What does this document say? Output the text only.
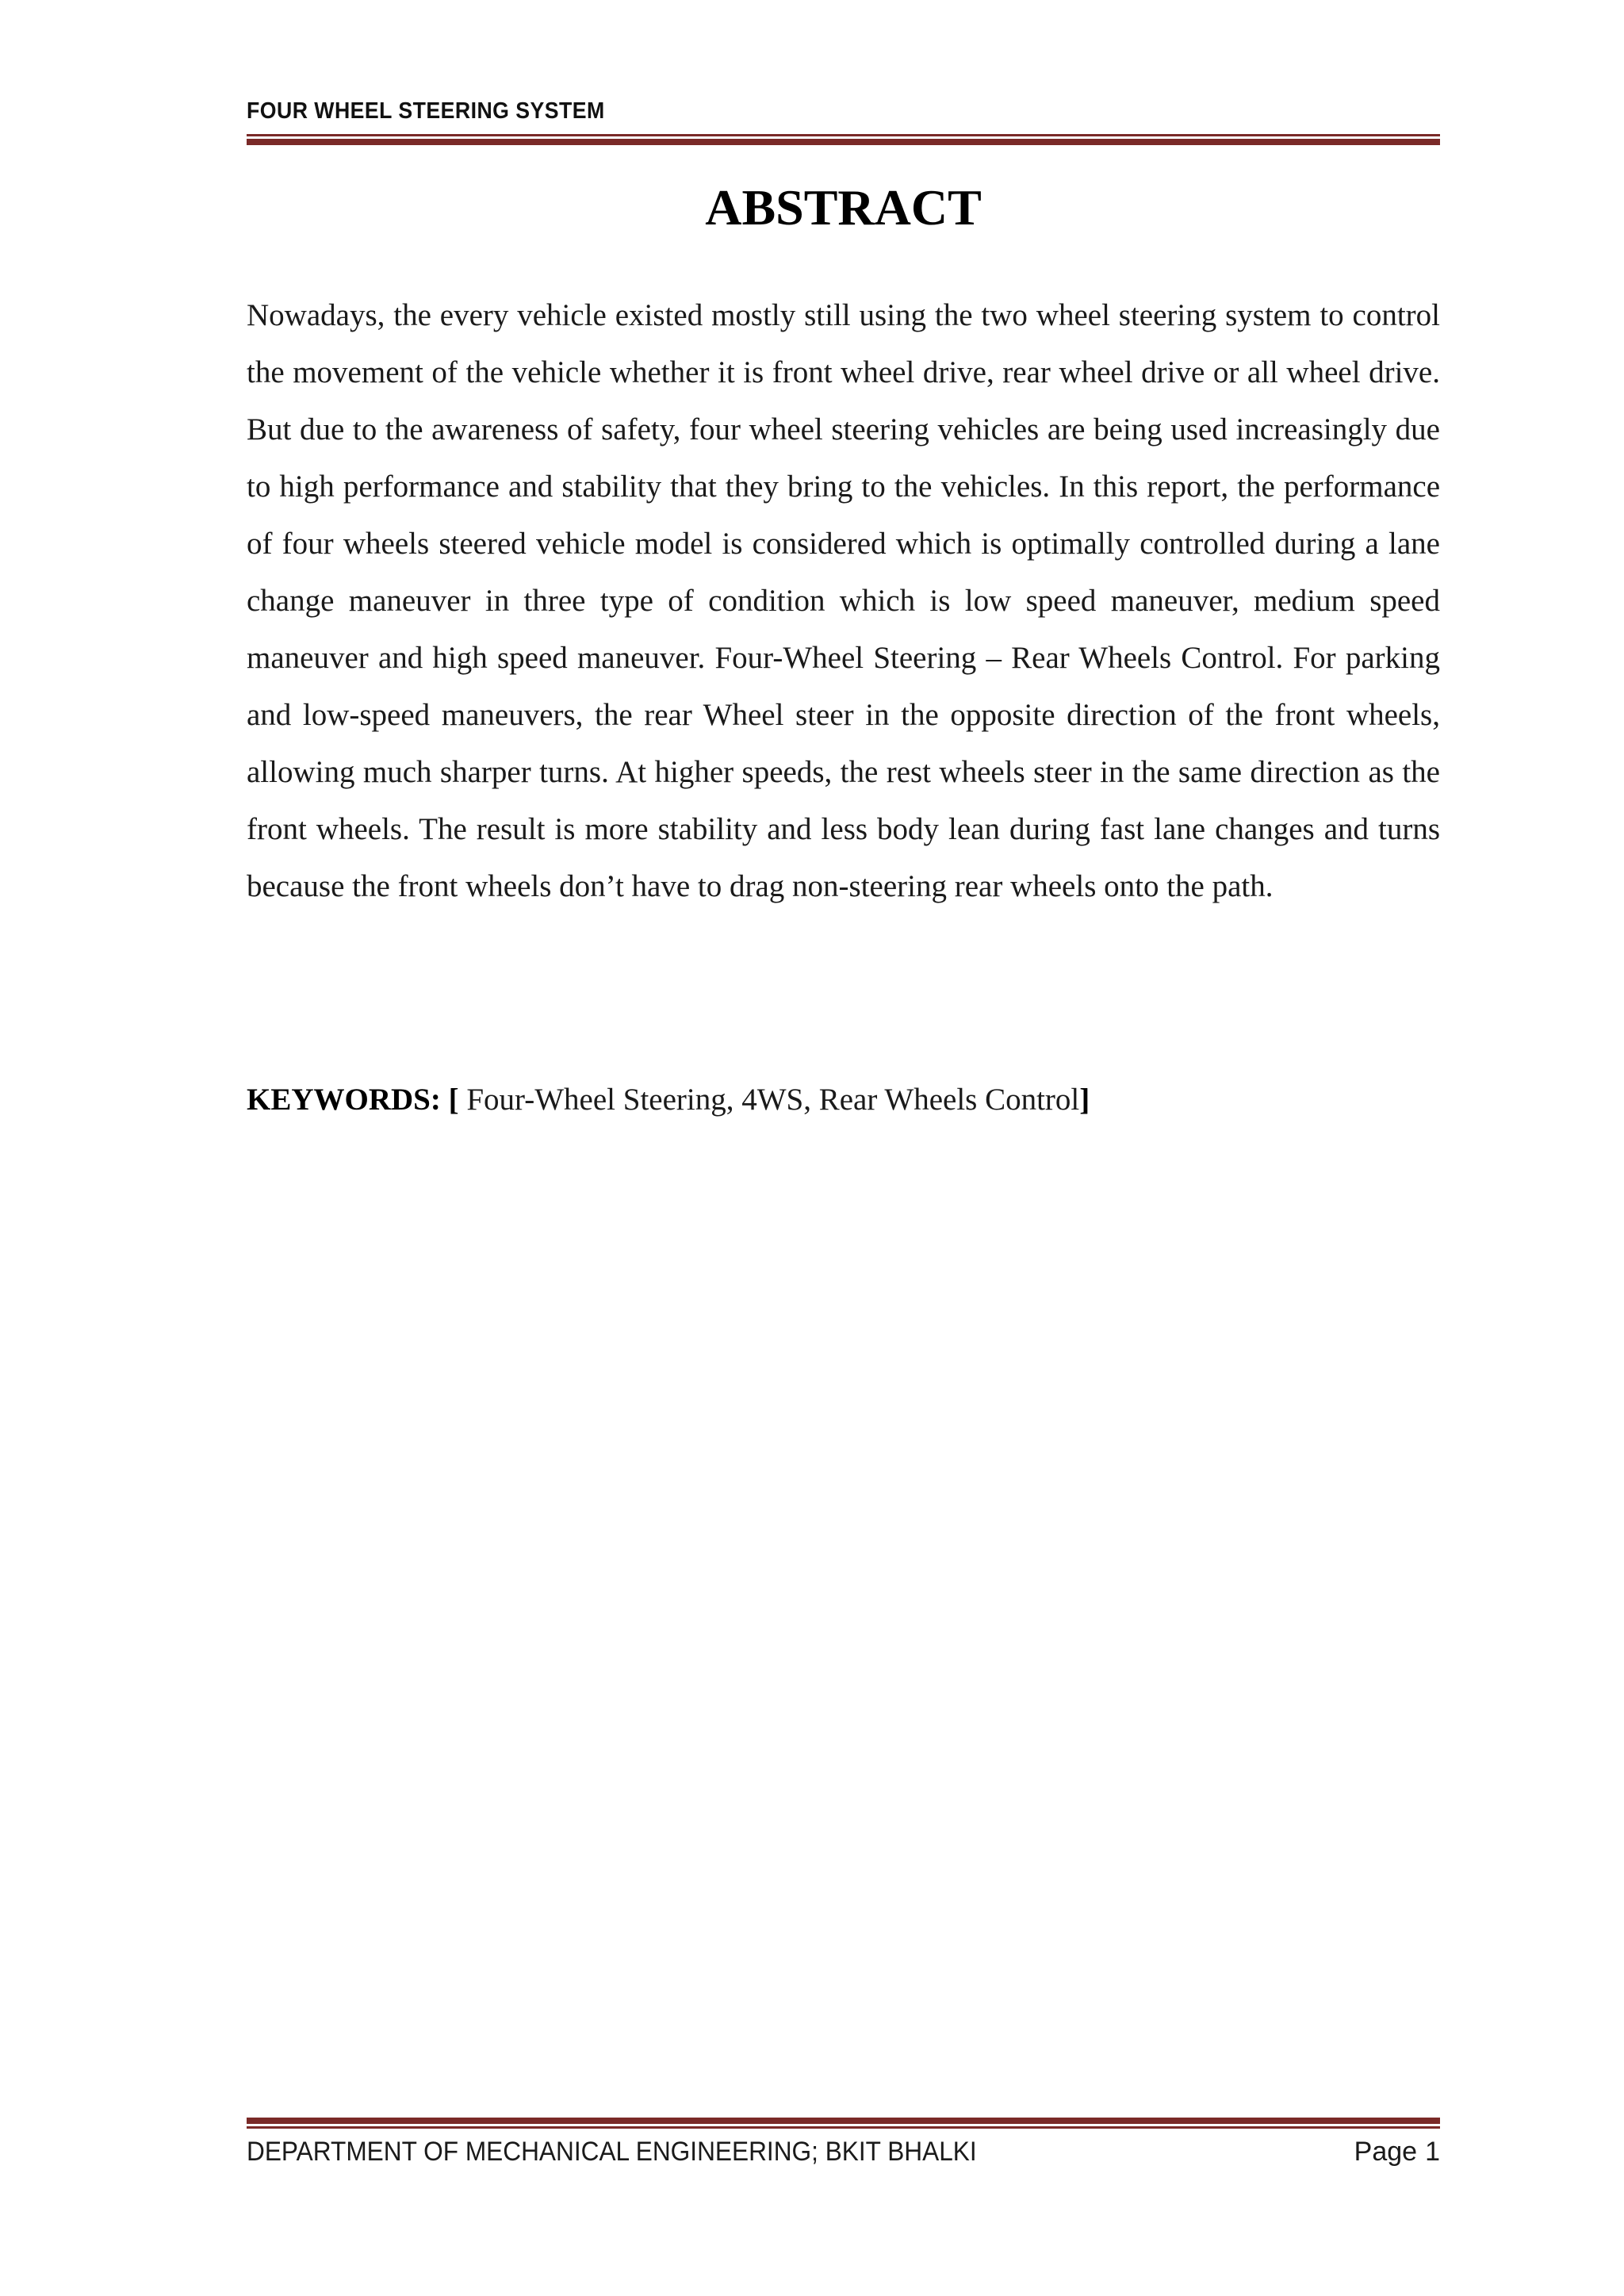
FOUR WHEEL STEERING SYSTEM
ABSTRACT

Nowadays, the every vehicle existed mostly still using the two wheel steering system to control the movement of the vehicle whether it is front wheel drive, rear wheel drive or all wheel drive. But due to the awareness of safety, four wheel steering vehicles are being used increasingly due to high performance and stability that they bring to the vehicles. In this report, the performance of four wheels steered vehicle model is considered which is optimally controlled during a lane change maneuver in three type of condition which is low speed maneuver, medium speed maneuver and high speed maneuver. Four-Wheel Steering – Rear Wheels Control. For parking and low-speed maneuvers, the rear Wheel steer in the opposite direction of the front wheels, allowing much sharper turns. At higher speeds, the rest wheels steer in the same direction as the front wheels. The result is more stability and less body lean during fast lane changes and turns because the front wheels don’t have to drag non-steering rear wheels onto the path.

KEYWORDS: [ Four-Wheel Steering, 4WS, Rear Wheels Control]

DEPARTMENT OF MECHANICAL ENGINEERING; BKIT BHALKI	Page 1
